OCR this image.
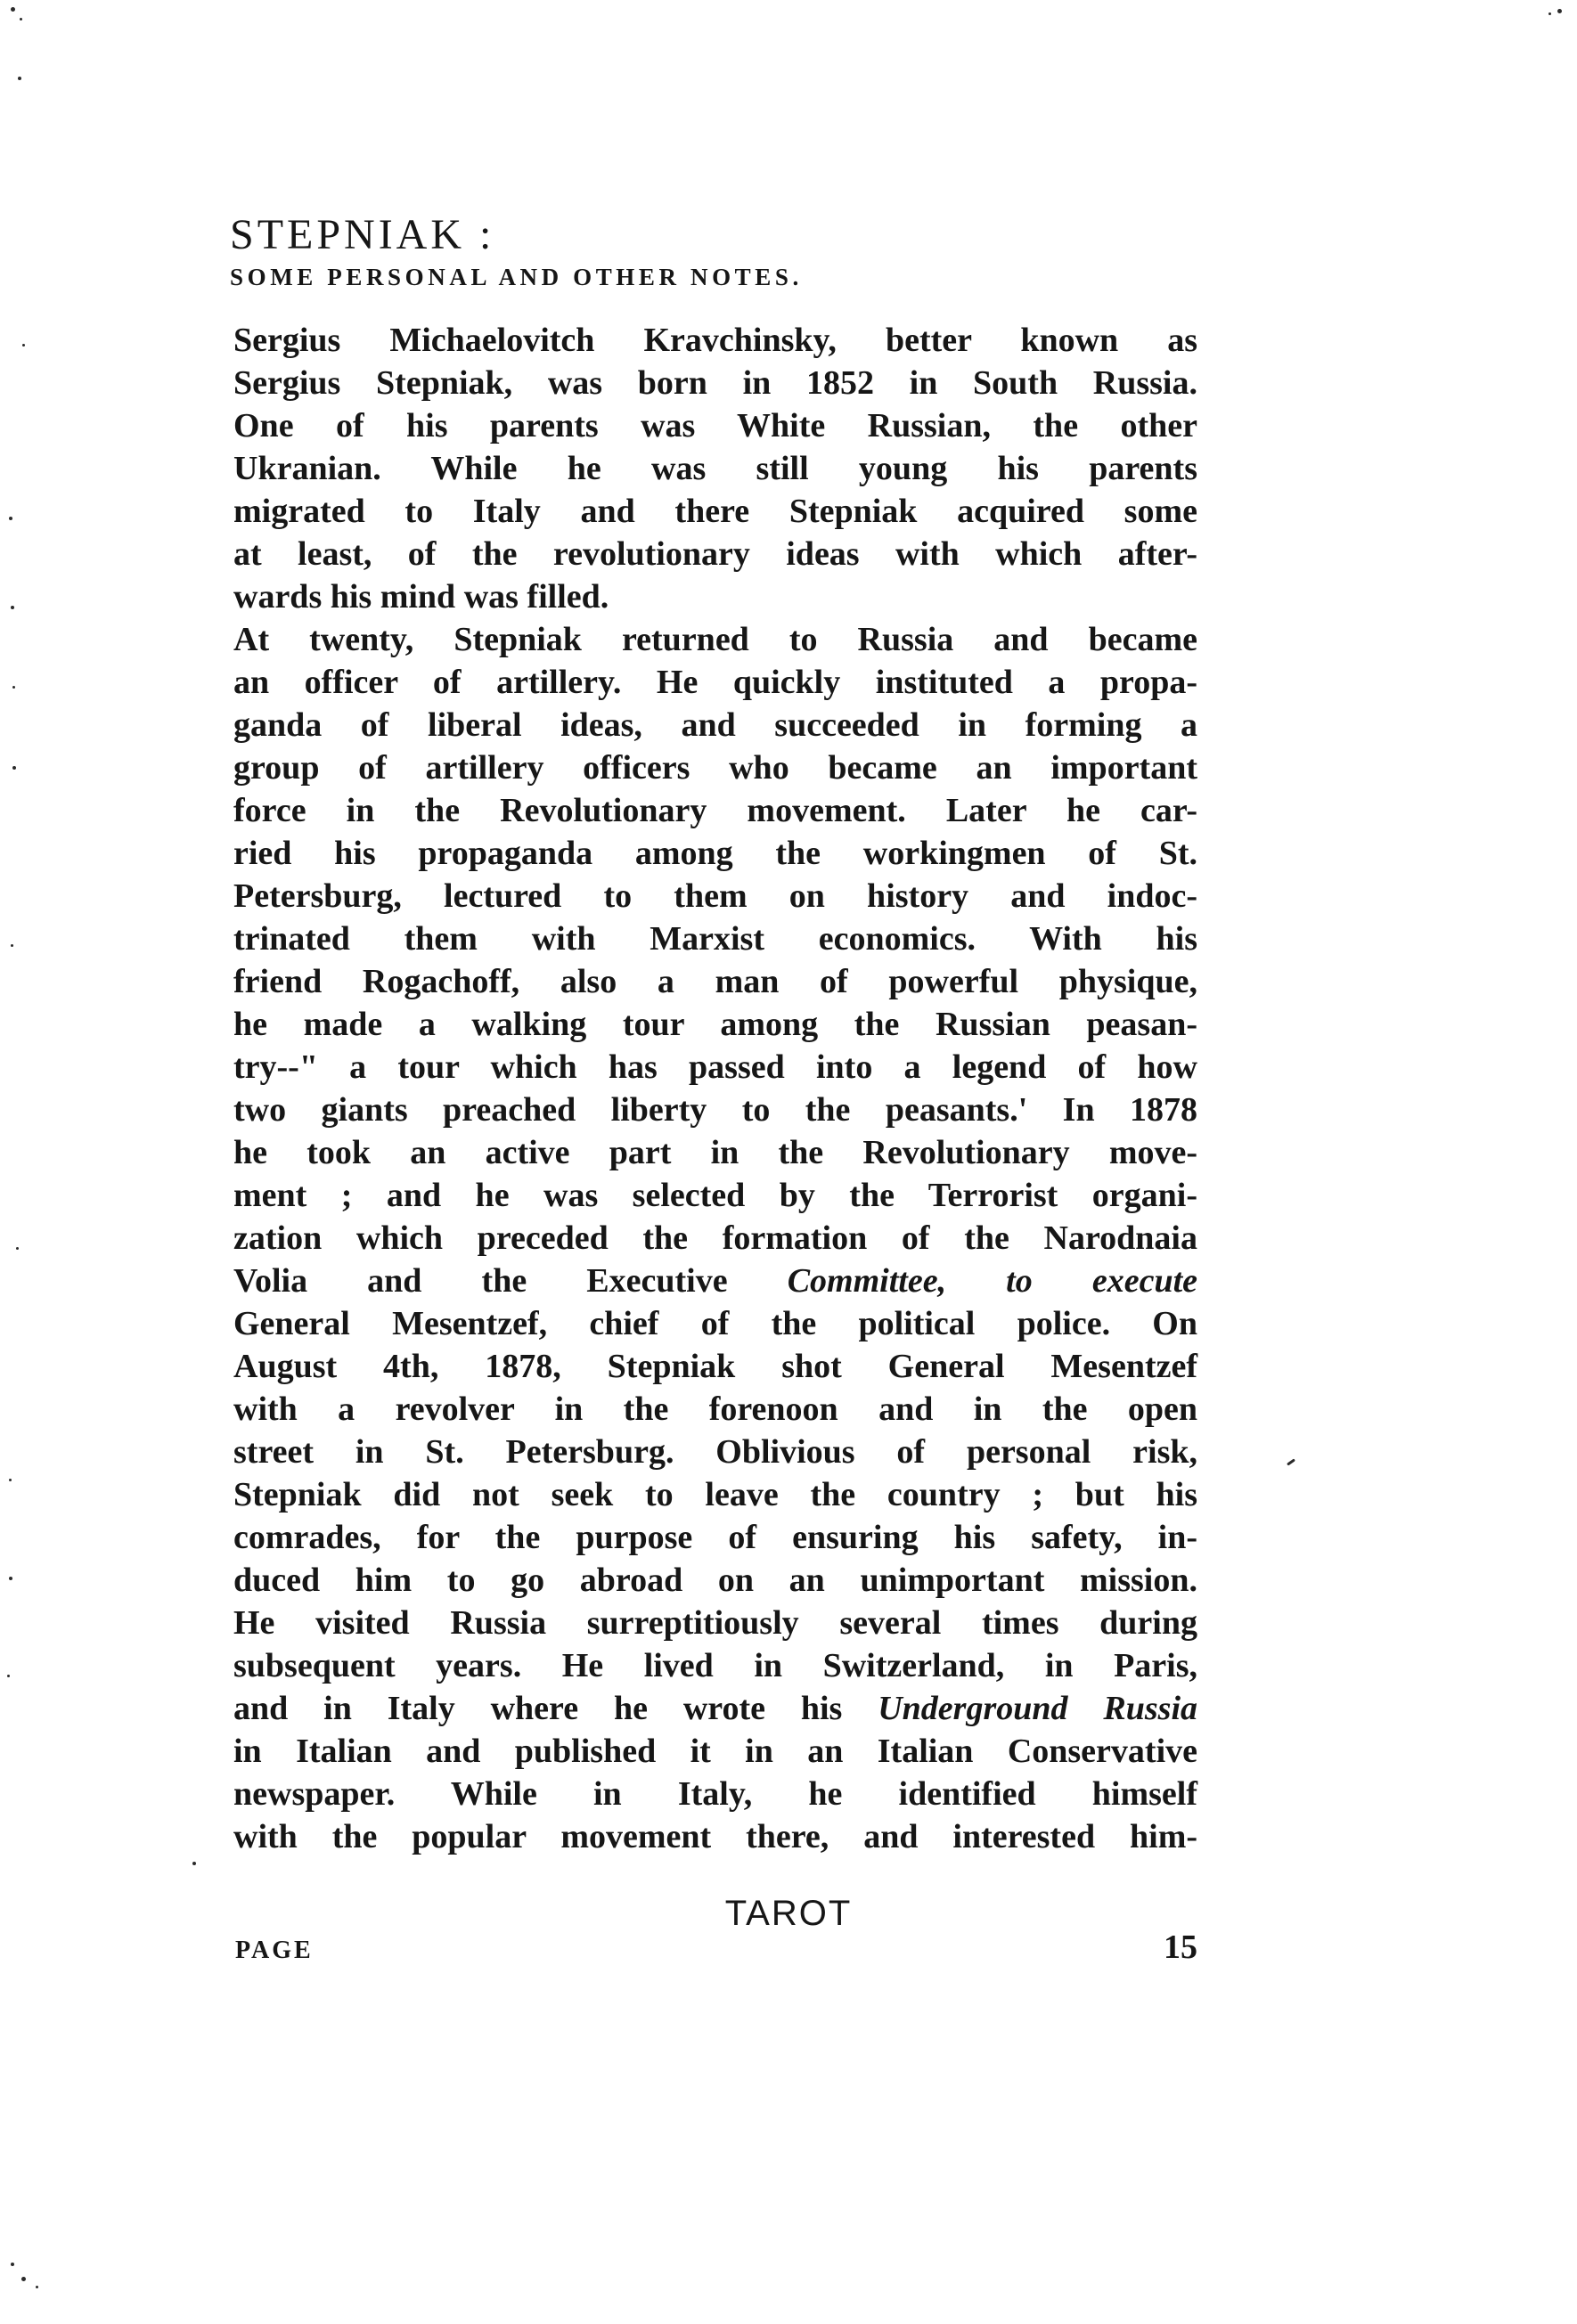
STEPNIAK :
SOME PERSONAL AND OTHER NOTES.
Sergius Michaelovitch Kravchinsky, better known as
Sergius Stepniak, was born in 1852 in South Russia.
One of his parents was White Russian, the other
Ukranian. While he was still young his parents
migrated to Italy and there Stepniak acquired some
at least, of the revolutionary ideas with which after-
wards his mind was filled.
At twenty, Stepniak returned to Russia and became
an officer of artillery. He quickly instituted a propa-
ganda of liberal ideas, and succeeded in forming a
group of artillery officers who became an important
force in the Revolutionary movement. Later he car-
ried his propaganda among the workingmen of St.
Petersburg, lectured to them on history and indoc-
trinated them with Marxist economics. With his
friend Rogachoff, also a man of powerful physique,
he made a walking tour among the Russian peasan-
try--" a tour which has passed into a legend of how
two giants preached liberty to the peasants.' In 1878
he took an active part in the Revolutionary move-
ment ; and he was selected by the Terrorist organi-
zation which preceded the formation of the Narodnaia
Volia and the Executive Committee, to execute
General Mesentzef, chief of the political police. On
August 4th, 1878, Stepniak shot General Mesentzef
with a revolver in the forenoon and in the open
street in St. Petersburg. Oblivious of personal risk,
Stepniak did not seek to leave the country ; but his
comrades, for the purpose of ensuring his safety, in-
duced him to go abroad on an unimportant mission.
He visited Russia surreptitiously several times during
subsequent years. He lived in Switzerland, in Paris,
and in Italy where he wrote his Underground Russia
in Italian and published it in an Italian Conservative
newspaper. While in Italy, he identified himself
with the popular movement there, and interested him-
TAROT
PAGE	15
